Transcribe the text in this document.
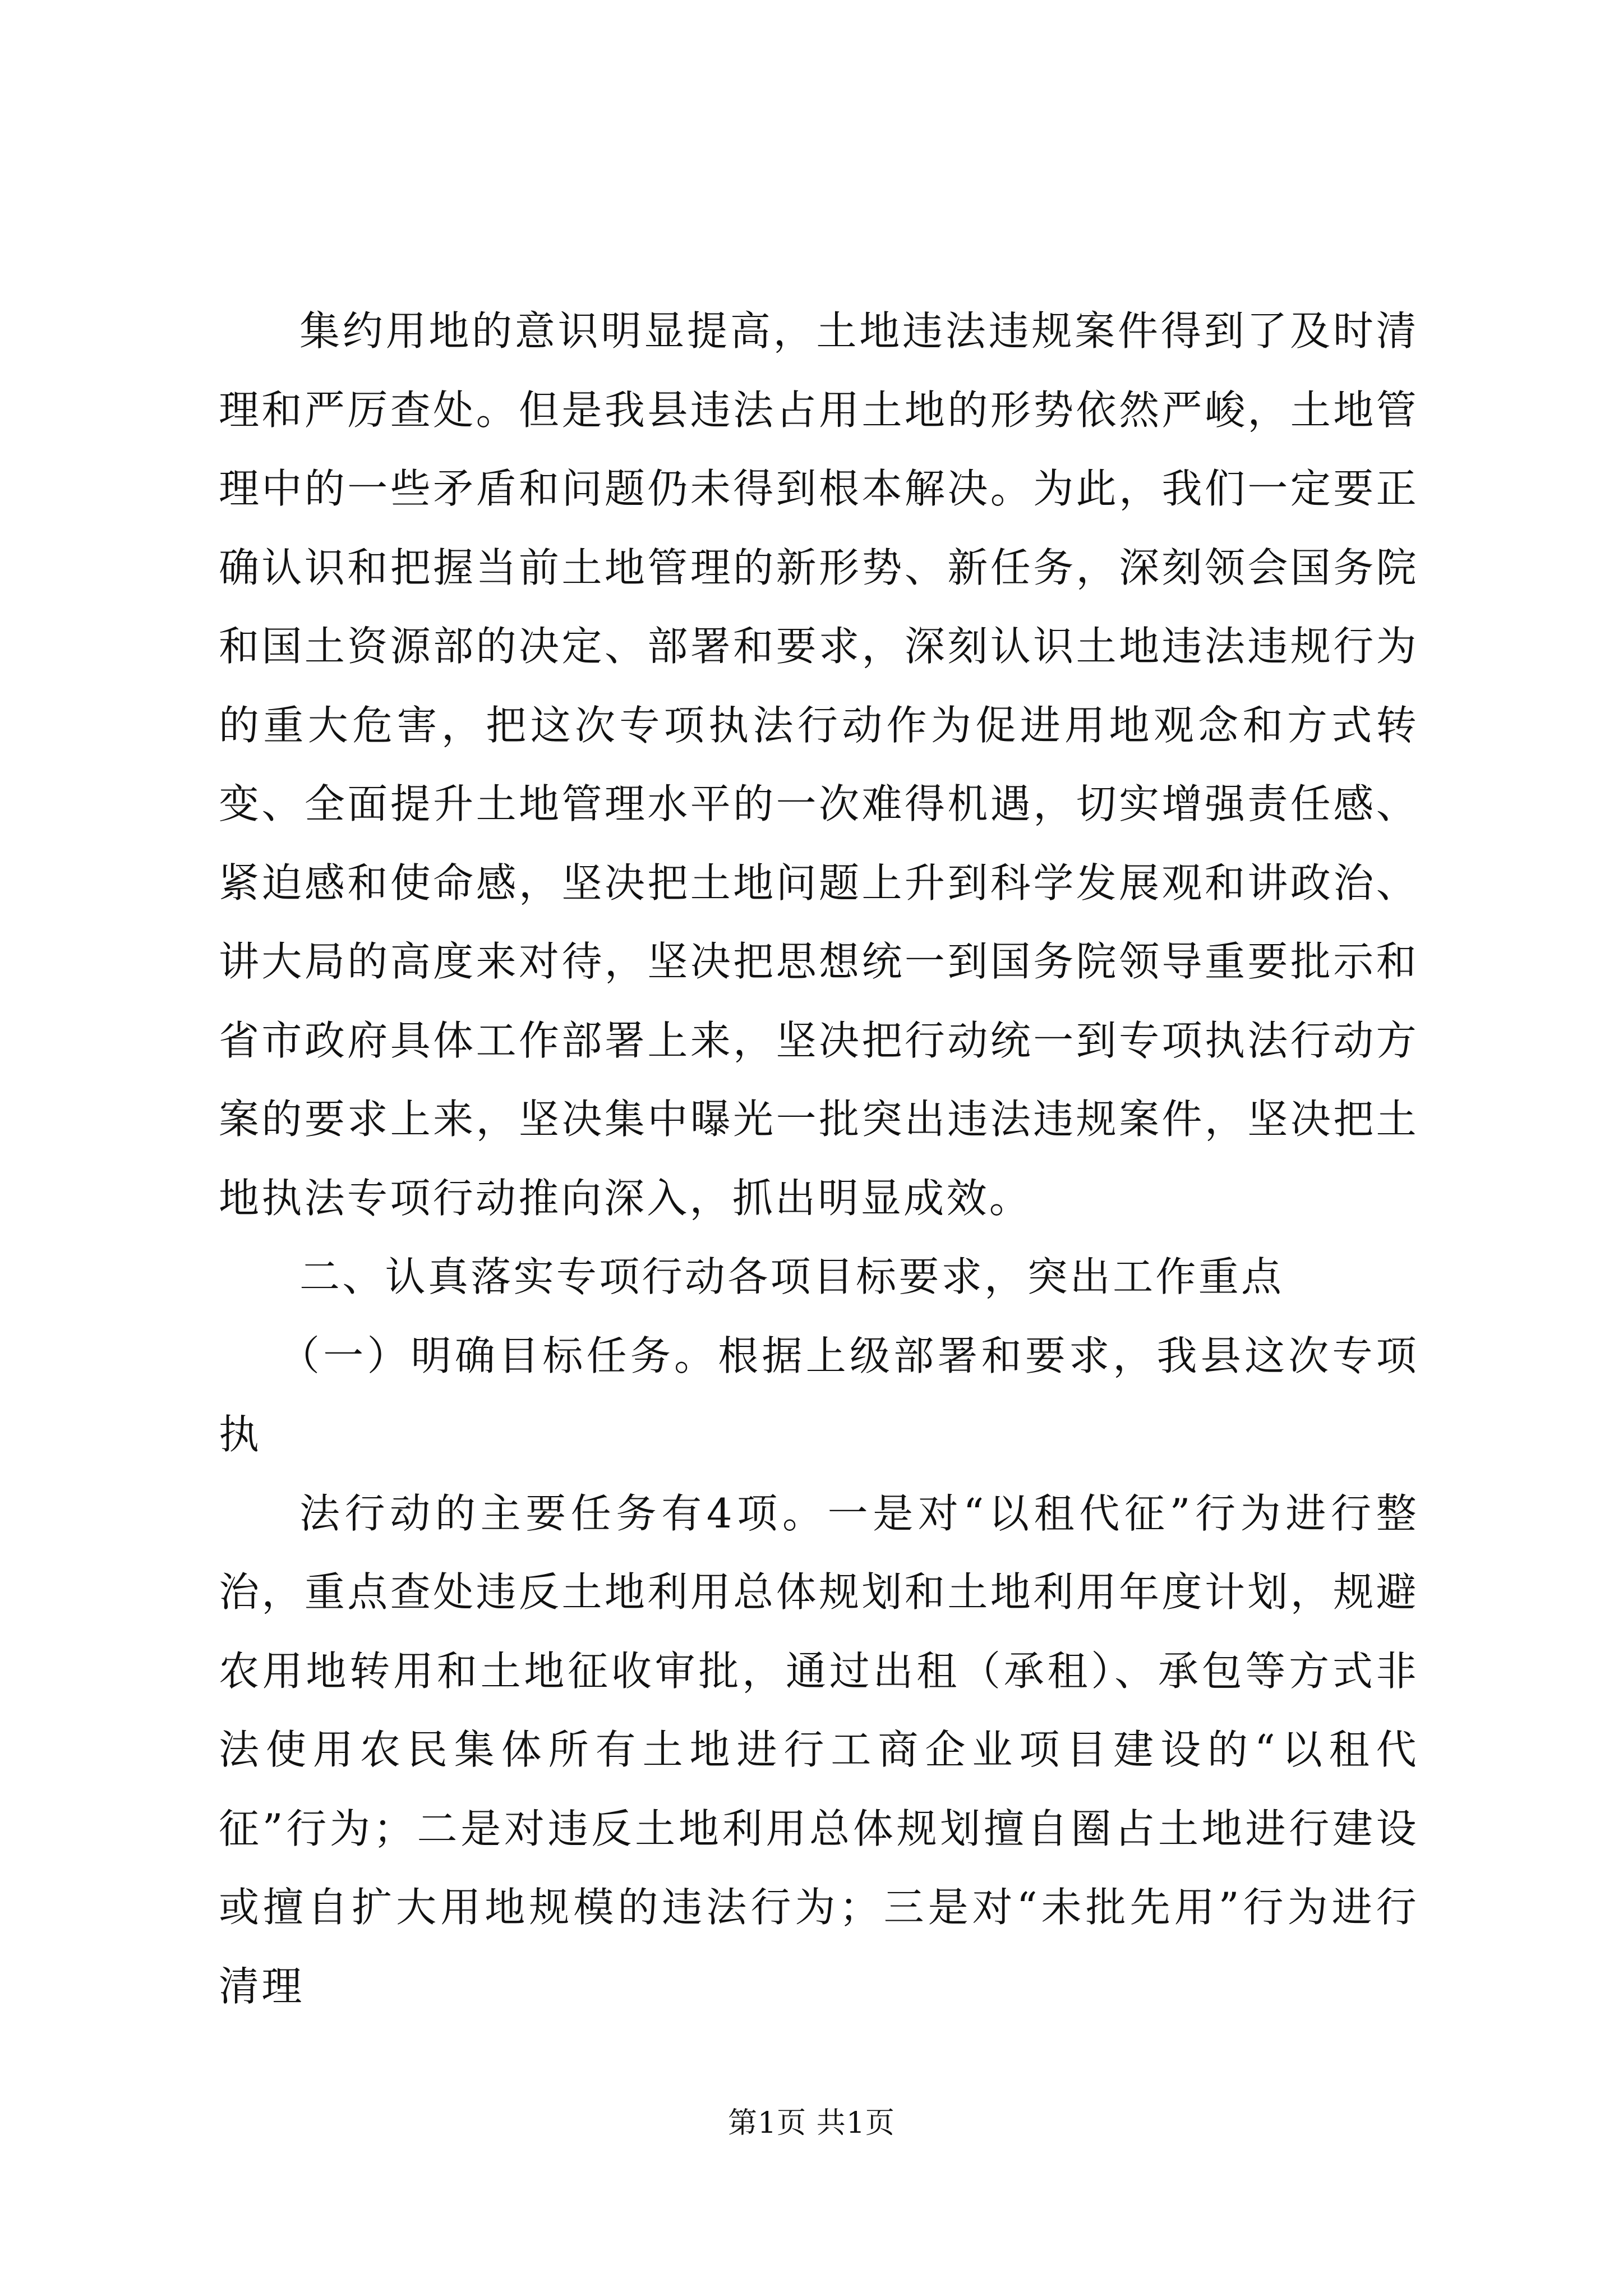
集约用地的意识明显提高，土地违法违规案件得到了及时清理和严厉查处。但是我县违法占用土地的形势依然严峻，土地管理中的一些矛盾和问题仍未得到根本解决。为此，我们一定要正确认识和把握当前土地管理的新形势、新任务，深刻领会国务院和国土资源部的决定、部署和要求，深刻认识土地违法违规行为的重大危害，把这次专项执法行动作为促进用地观念和方式转变、全面提升土地管理水平的一次难得机遇，切实增强责任感、紧迫感和使命感，坚决把土地问题上升到科学发展观和讲政治、讲大局的高度来对待，坚决把思想统一到国务院领导重要批示和省市政府具体工作部署上来，坚决把行动统一到专项执法行动方案的要求上来，坚决集中曝光一批突出违法违规案件，坚决把土地执法专项行动推向深入，抓出明显成效。

二、认真落实专项行动各项目标要求，突出工作重点

（一）明确目标任务。根据上级部署和要求，我县这次专项执

法行动的主要任务有4项。一是对“以租代征”行为进行整治，重点查处违反土地利用总体规划和土地利用年度计划，规避农用地转用和土地征收审批，通过出租（承租）、承包等方式非法使用农民集体所有土地进行工商企业项目建设的“以租代征”行为；二是对违反土地利用总体规划擅自圈占土地进行建设或擅自扩大用地规模的违法行为；三是对“未批先用”行为进行清理

第1页 共1页
